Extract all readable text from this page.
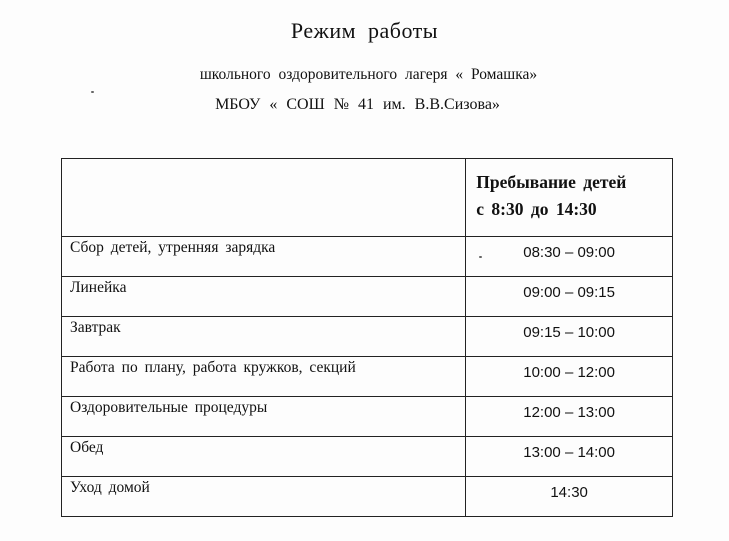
Режим работы
школьного оздоровительного лагеря « Ромашка»
МБОУ « СОШ № 41 им. В.В.Сизова»

	Пребывание детей
с 8:30 до 14:30

Сбор детей, утренняя зарядка	08:30 – 09:00

Линейка	09:00 – 09:15

Завтрак	09:15 – 10:00

Работа по плану, работа кружков, секций	10:00 – 12:00

Оздоровительные процедуры	12:00 – 13:00

Обед	13:00 – 14:00

Уход домой	14:30
